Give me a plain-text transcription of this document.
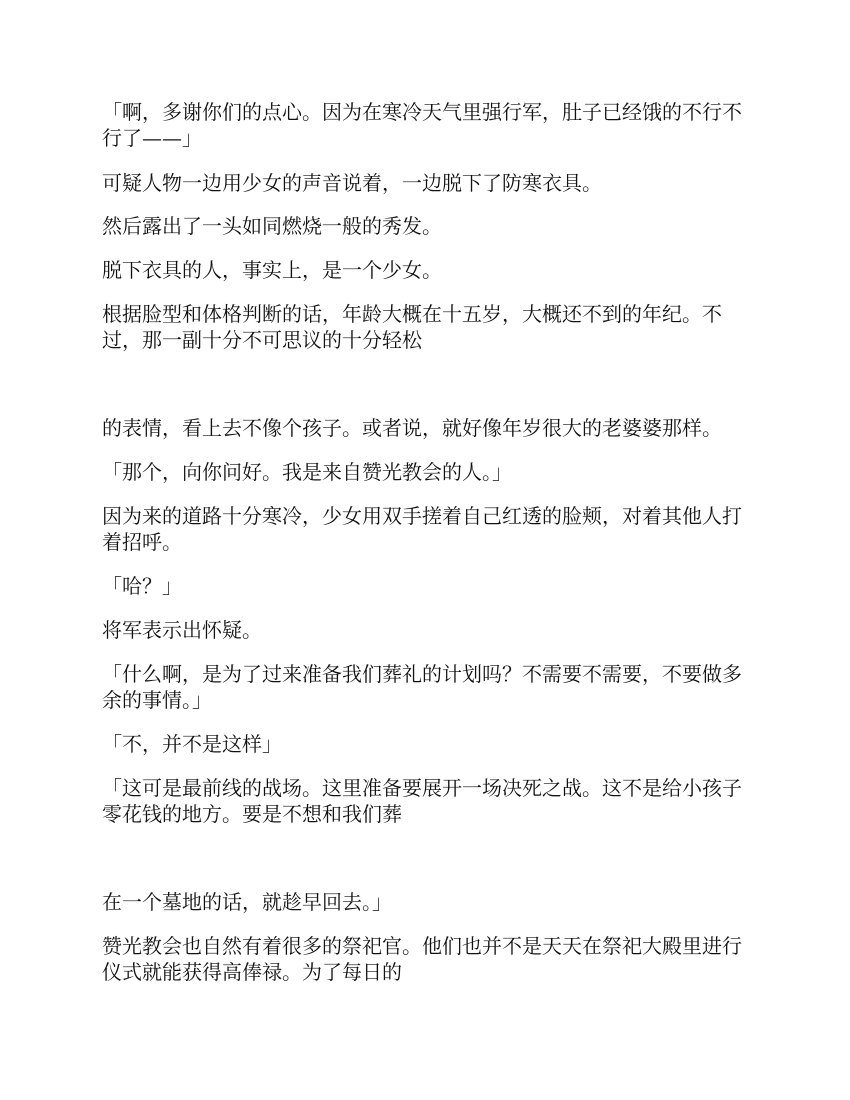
「啊，多谢你们的点心。因为在寒冷天气里强行军，肚子已经饿的不行不行了——」

可疑人物一边用少女的声音说着，一边脱下了防寒衣具。

然后露出了一头如同燃烧一般的秀发。

脱下衣具的人，事实上，是一个少女。

根据脸型和体格判断的话，年龄大概在十五岁，大概还不到的年纪。不过，那一副十分不可思议的十分轻松

的表情，看上去不像个孩子。或者说，就好像年岁很大的老婆婆那样。

「那个，向你问好。我是来自赞光教会的人。」

因为来的道路十分寒冷，少女用双手搓着自己红透的脸颊，对着其他人打着招呼。

「哈？」

将军表示出怀疑。

「什么啊，是为了过来准备我们葬礼的计划吗？不需要不需要，不要做多余的事情。」

「不，并不是这样」

「这可是最前线的战场。这里准备要展开一场决死之战。这不是给小孩子零花钱的地方。要是不想和我们葬

在一个墓地的话，就趁早回去。」

赞光教会也自然有着很多的祭祀官。他们也并不是天天在祭祀大殿里进行仪式就能获得高俸禄。为了每日的
